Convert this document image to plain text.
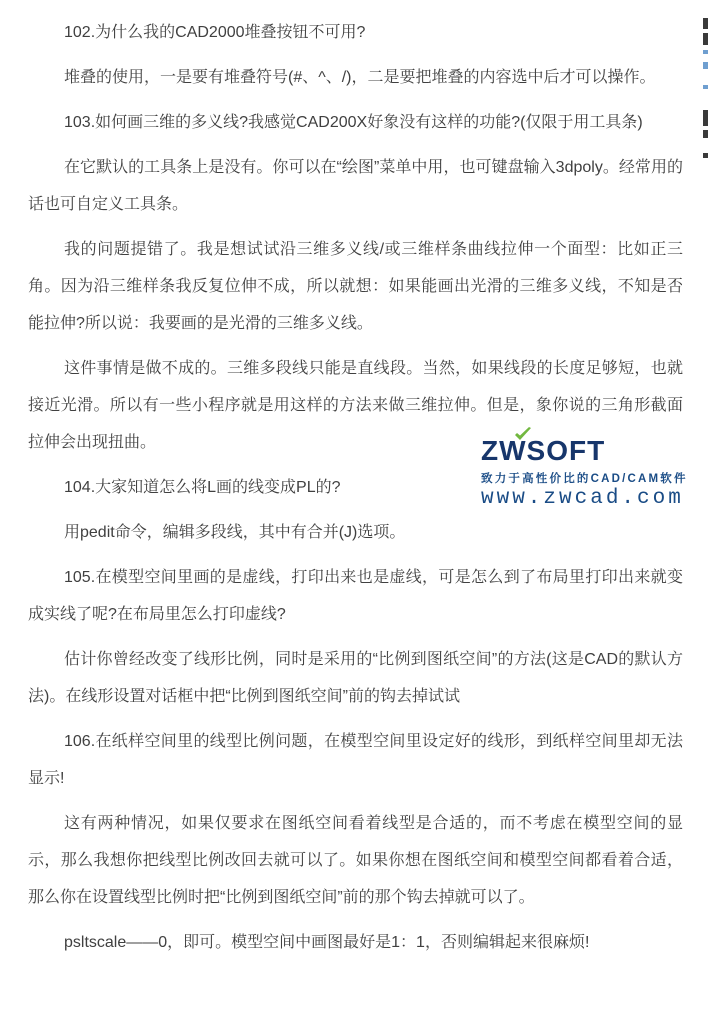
102.为什么我的CAD2000堆叠按钮不可用?

堆叠的使用，一是要有堆叠符号(#、^、/)，二是要把堆叠的内容选中后才可以操作。

103.如何画三维的多义线?我感觉CAD200X好象没有这样的功能?(仅限于用工具条)

在它默认的工具条上是没有。你可以在“绘图”菜单中用，也可键盘输入3dpoly。经常用的话也可自定义工具条。

我的问题提错了。我是想试试沿三维多义线/或三维样条曲线拉伸一个面型：比如正三角。因为沿三维样条我反复位伸不成，所以就想：如果能画出光滑的三维多义线，不知是否能拉伸?所以说：我要画的是光滑的三维多义线。

这件事情是做不成的。三维多段线只能是直线段。当然，如果线段的长度足够短，也就接近光滑。所以有一些小程序就是用这样的方法来做三维拉伸。但是，象你说的三角形截面拉伸会出现扭曲。

104.大家知道怎么将L画的线变成PL的?

用pedit命令，编辑多段线，其中有合并(J)选项。

105.在模型空间里画的是虚线，打印出来也是虚线，可是怎么到了布局里打印出来就变成实线了呢?在布局里怎么打印虚线?

估计你曾经改变了线形比例，同时是采用的“比例到图纸空间”的方法(这是CAD的默认方法)。在线形设置对话框中把“比例到图纸空间”前的钩去掉试试

106.在纸样空间里的线型比例问题，在模型空间里设定好的线形，到纸样空间里却无法显示!

这有两种情况，如果仅要求在图纸空间看着线型是合适的，而不考虑在模型空间的显示，那么我想你把线型比例改回去就可以了。如果你想在图纸空间和模型空间都看着合适，那么你在设置线型比例时把“比例到图纸空间”前的那个钩去掉就可以了。

psltscale——0，即可。模型空间中画图最好是1：1，否则编辑起来很麻烦!

ZWSOFT
致力于高性价比的CAD/CAM软件
www.zwcad.com
